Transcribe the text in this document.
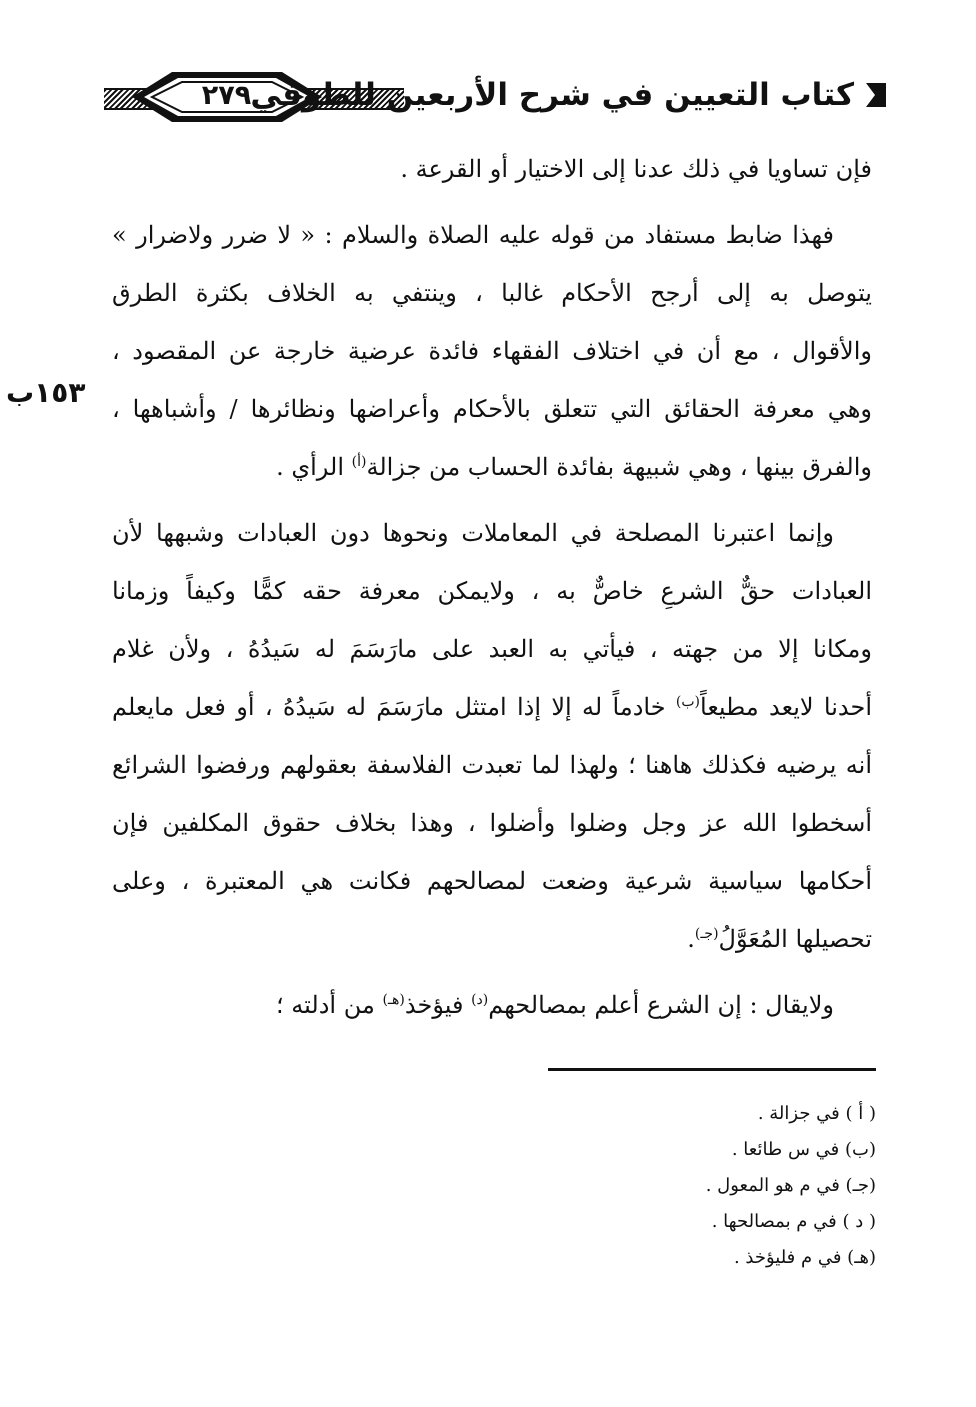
٢٧٩ كتاب التعيين في شرح الأربعين للطوفي
١٥٣ب
فإن تساويا في ذلك عدنا إلى الاختيار أو القرعة .
فهذا ضابط مستفاد من قوله عليه الصلاة والسلام : « لا ضرر ولاضرار »
يتوصل به إلى أرجح الأحكام غالبا ، وينتفي به الخلاف بكثرة الطرق
والأقوال ، مع أن في اختلاف الفقهاء فائدة عرضية خارجة عن المقصود ،
وهي معرفة الحقائق التي تتعلق بالأحكام وأعراضها ونظائرها / وأشباهها ،
والفرق بينها ، وهي شبيهة بفائدة الحساب من جزالة$^{(أ)}$ الرأي .
وإنما اعتبرنا المصلحة في المعاملات ونحوها دون العبادات وشبهها لأن
العبادات حقٌّ الشرعِ خاصٌّ به ، ولايمكن معرفة حقه كمًّا وكيفاً وزمانا
ومكانا إلا من جهته ، فيأتي به العبد على مارَسَمَ له سَيدُهُ ، ولأن غلام
أحدنا لايعد مطيعاً$^{(ب)}$ خادماً له إلا إذا امتثل مارَسَمَ له سَيدُهُ ، أو فعل مايعلم
أنه يرضيه فكذلك هاهنا ؛ ولهذا لما تعبدت الفلاسفة بعقولهم ورفضوا الشرائع
أسخطوا الله عز وجل وضلوا وأضلوا ، وهذا بخلاف حقوق المكلفين فإن
أحكامها سياسية شرعية وضعت لمصالحهم فكانت هي المعتبرة ، وعلى
تحصيلها المُعَوَّلُ$^{(جـ)}$.
ولايقال : إن الشرع أعلم بمصالحهم$^{(د)}$ فيؤخذ$^{(هـ)}$ من أدلته ؛
( أ ) في جزالة .
(ب) في س طائعا .
(جـ) في م هو المعول .
( د ) في م بمصالحها .
(هـ) في م فليؤخذ .
